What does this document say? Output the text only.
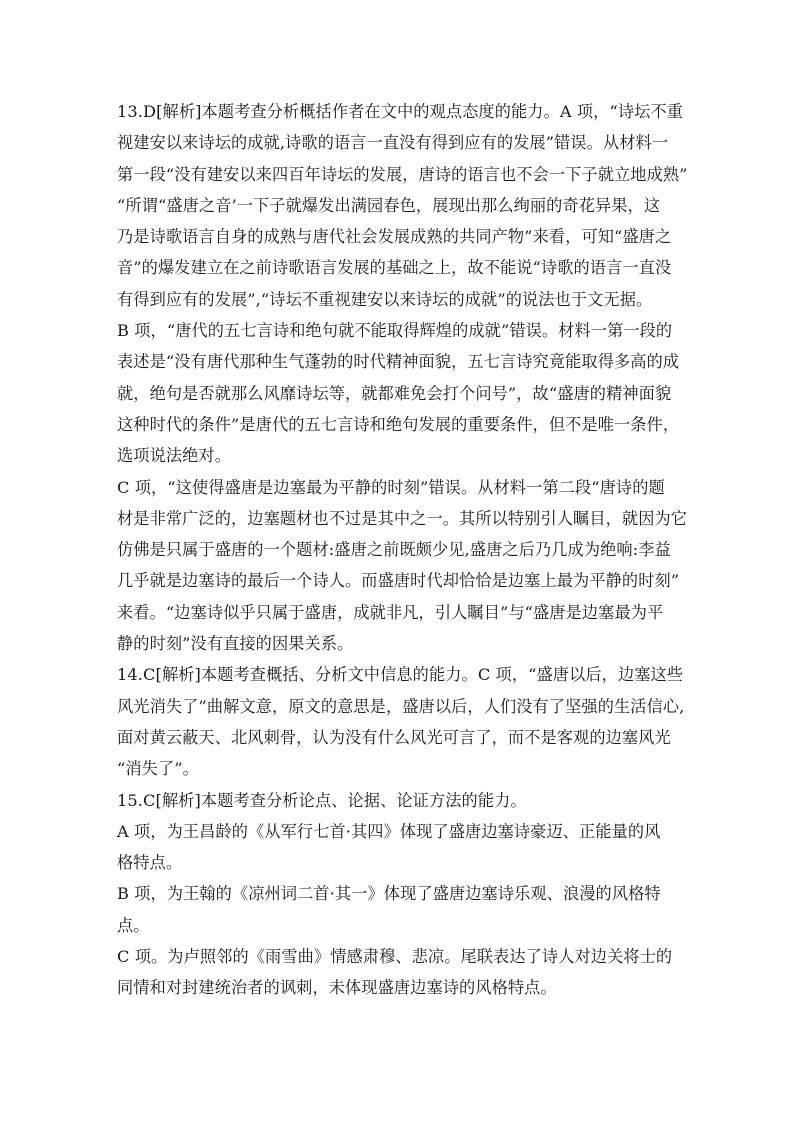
13.D[解析]本题考查分析概括作者在文中的观点态度的能力。A 项，“诗坛不重
视建安以来诗坛的成就,诗歌的语言一直没有得到应有的发展”错误。从材料一
第一段“没有建安以来四百年诗坛的发展，唐诗的语言也不会一下子就立地成熟”
“所谓“盛唐之音’一下子就爆发出满园春色，展现出那么绚丽的奇花异果，这
乃是诗歌语言自身的成熟与唐代社会发展成熟的共同产物”来看，可知“盛唐之
音”的爆发建立在之前诗歌语言发展的基础之上，故不能说“诗歌的语言一直没
有得到应有的发展”,“诗坛不重视建安以来诗坛的成就”的说法也于文无据。
B 项，“唐代的五七言诗和绝句就不能取得辉煌的成就”错误。材料一第一段的
表述是“没有唐代那种生气蓬勃的时代精神面貌，五七言诗究竟能取得多高的成
就，绝句是否就那么风靡诗坛等，就都难免会打个问号”，故“盛唐的精神面貌
这种时代的条件”是唐代的五七言诗和绝句发展的重要条件，但不是唯一条件，
选项说法绝对。
C 项，“这使得盛唐是边塞最为平静的时刻”错误。从材料一第二段“唐诗的题
材是非常广泛的，边塞题材也不过是其中之一。其所以特别引人瞩目，就因为它
仿佛是只属于盛唐的一个题材:盛唐之前既颇少见,盛唐之后乃几成为绝响:李益
几乎就是边塞诗的最后一个诗人。而盛唐时代却恰恰是边塞上最为平静的时刻”
来看。“边塞诗似乎只属于盛唐，成就非凡，引人瞩目”与“盛唐是边塞最为平
静的时刻”没有直接的因果关系。
14.C[解析]本题考查概括、分析文中信息的能力。C 项，“盛唐以后，边塞这些
风光消失了”曲解文意，原文的意思是，盛唐以后，人们没有了坚强的生活信心,
面对黄云蔽天、北风刺骨，认为没有什么风光可言了，而不是客观的边塞风光
“消失了”。
15.C[解析]本题考查分析论点、论据、论证方法的能力。
A 项，为王昌龄的《从军行七首·其四》体现了盛唐边塞诗豪迈、正能量的风
格特点。
B 项，为王翰的《凉州词二首·其一》体现了盛唐边塞诗乐观、浪漫的风格特
点。
C 项。为卢照邻的《雨雪曲》情感肃穆、悲凉。尾联表达了诗人对边关将士的
同情和对封建统治者的讽刺，未体现盛唐边塞诗的风格特点。
